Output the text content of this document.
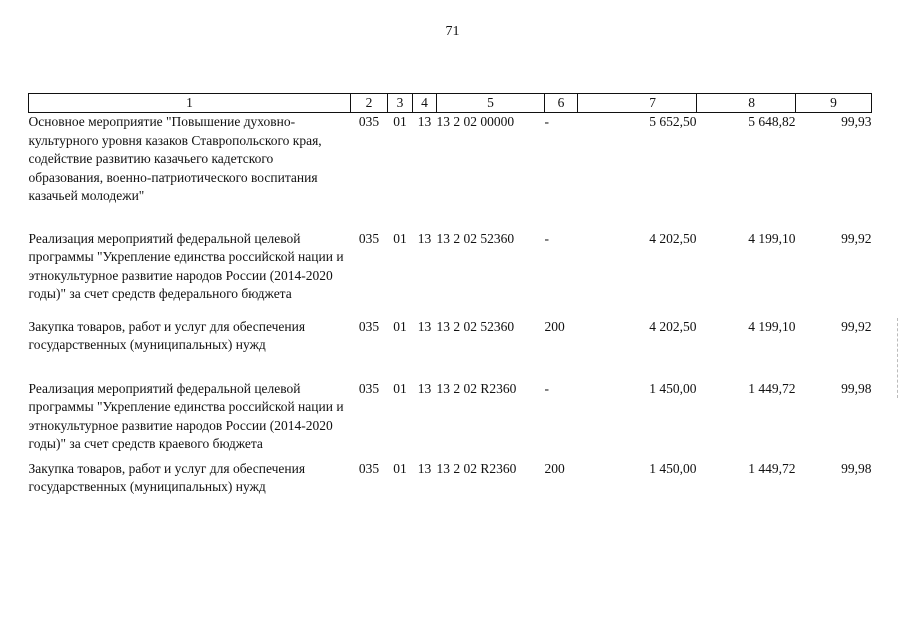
71
1	2	3	4	5	6	7	8	9
Основное мероприятие "Повышение духовно-культурного уровня казаков Ставропольского края, содействие развитию казачьего кадетского образования, военно-патриотического воспитания казачьей молодежи"	035	01	13	13 2 02 00000	-	5 652,50	5 648,82	99,93
Реализация мероприятий федеральной целевой программы "Укрепление единства российской нации и этнокультурное развитие народов России (2014-2020 годы)" за счет средств федерального бюджета	035	01	13	13 2 02 52360	-	4 202,50	4 199,10	99,92
Закупка товаров, работ и услуг для обеспечения государственных (муниципальных) нужд	035	01	13	13 2 02 52360	200	4 202,50	4 199,10	99,92
Реализация мероприятий федеральной целевой программы "Укрепление единства российской нации и этнокультурное развитие народов России (2014-2020 годы)" за счет средств краевого бюджета	035	01	13	13 2 02 R2360	-	1 450,00	1 449,72	99,98
Закупка товаров, работ и услуг для обеспечения государственных (муниципальных) нужд	035	01	13	13 2 02 R2360	200	1 450,00	1 449,72	99,98
